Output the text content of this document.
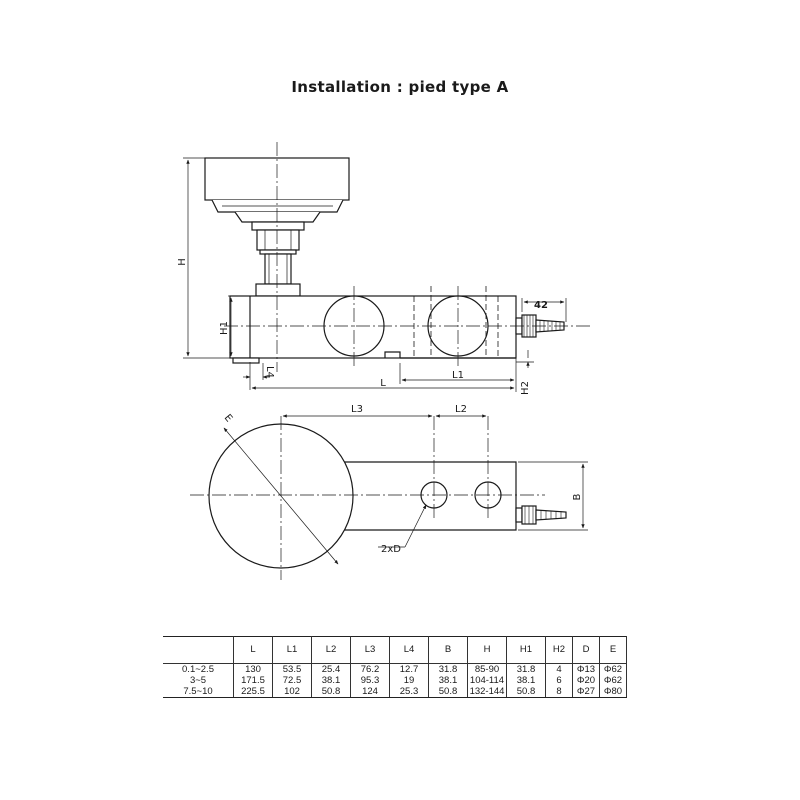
Installation : pied type A
H
H1
L4
L
L1
H2
42
L3	L2
E
B
2xD
	L	L1	L2	L3	L4	B	H	H1	H2	D	E
0.1~2.5	130	53.5	25.4	76.2	12.7	31.8	85-90	31.8	4	Φ13	Φ62
3~5	171.5	72.5	38.1	95.3	19	38.1	104-114	38.1	6	Φ20	Φ62
7.5~10	225.5	102	50.8	124	25.3	50.8	132-144	50.8	8	Φ27	Φ80
